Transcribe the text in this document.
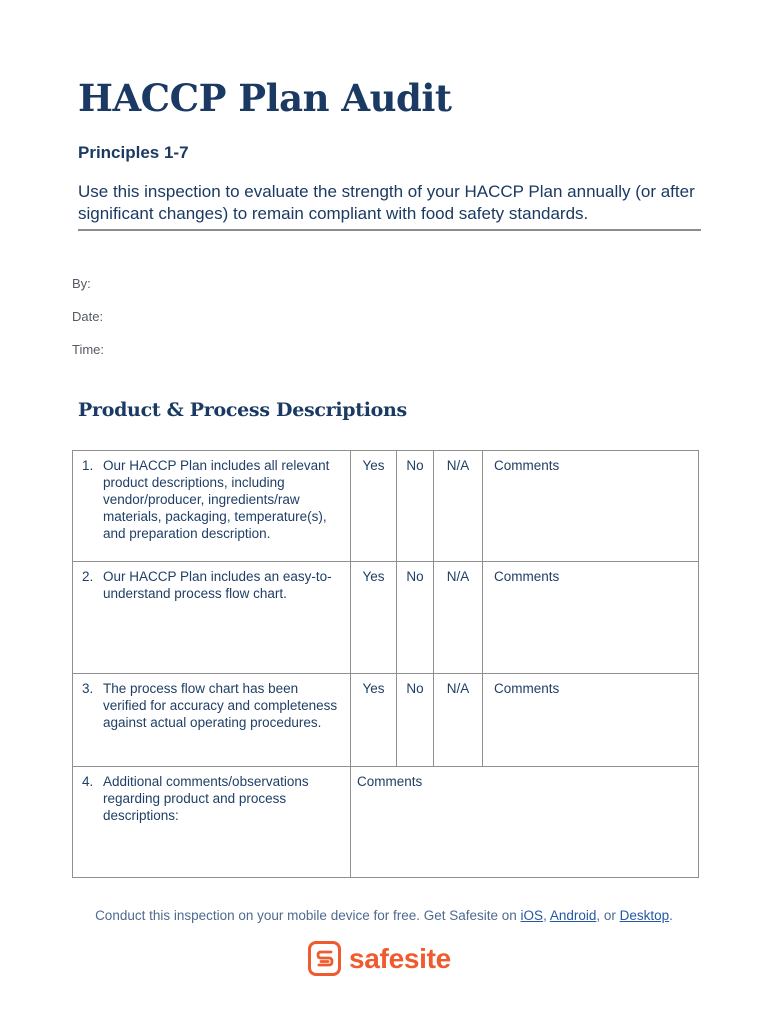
HACCP Plan Audit
Principles 1-7
Use this inspection to evaluate the strength of your HACCP Plan annually (or after significant changes) to remain compliant with food safety standards.
By:
Date:
Time:
Product & Process Descriptions
1. Our HACCP Plan includes all relevant product descriptions, including vendor/producer, ingredients/raw materials, packaging, temperature(s), and preparation description.	Yes	No	N/A	Comments

2. Our HACCP Plan includes an easy-to-understand process flow chart.	Yes	No	N/A	Comments

3. The process flow chart has been verified for accuracy and completeness against actual operating procedures.	Yes	No	N/A	Comments

4. Additional comments/observations regarding product and process descriptions:	Comments			
Conduct this inspection on your mobile device for free. Get Safesite on iOS, Android, or Desktop.
safesite
